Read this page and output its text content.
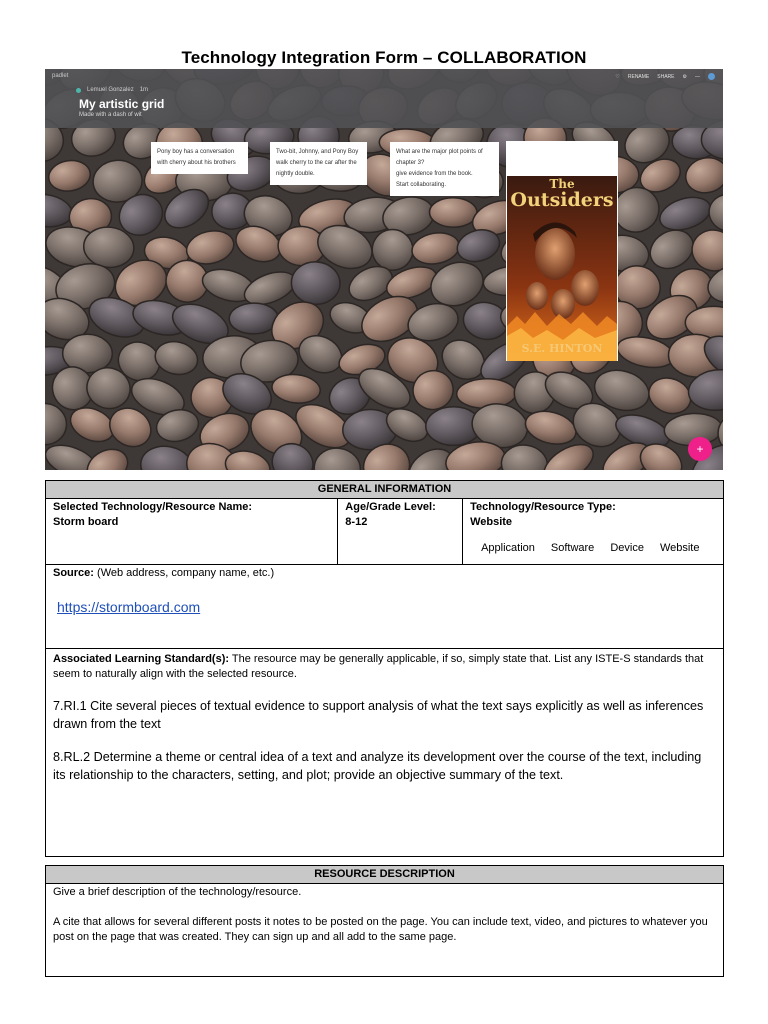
Technology Integration Form – COLLABORATION
padlet
Lemuel Gonzalez 1m
My artistic grid
Made with a dash of wit
♡ RENAME SHARE ⚙ —

Pony boy has a conversation with cherry about his brothers

Two-bit, Johnny, and Pony Boy walk cherry to the car after the nightly double.

What are the major plot points of chapter 3?

give evidence from the book.

Start collaborating.	The
Outsiders
S.E. HINTON
+
GENERAL INFORMATION

Selected Technology/Resource Name:
Storm board

Age/Grade Level:
8-12

Technology/Resource Type:
Website
Application Software Device Website

Source: (Web address, company name, etc.)
https://stormboard.com

Associated Learning Standard(s): The resource may be generally applicable, if so, simply state that. List any ISTE-S standards that seem to naturally align with the selected resource.
7.RI.1 Cite several pieces of textual evidence to support analysis of what the text says explicitly as well as inferences drawn from the text
8.RL.2 Determine a theme or central idea of a text and analyze its development over the course of the text, including its relationship to the characters, setting, and plot; provide an objective summary of the text.
RESOURCE DESCRIPTION

Give a brief description of the technology/resource.

A cite that allows for several different posts it notes to be posted on the page. You can include text, video, and pictures to whatever you post on the page that was created. They can sign up and all add to the same page.
